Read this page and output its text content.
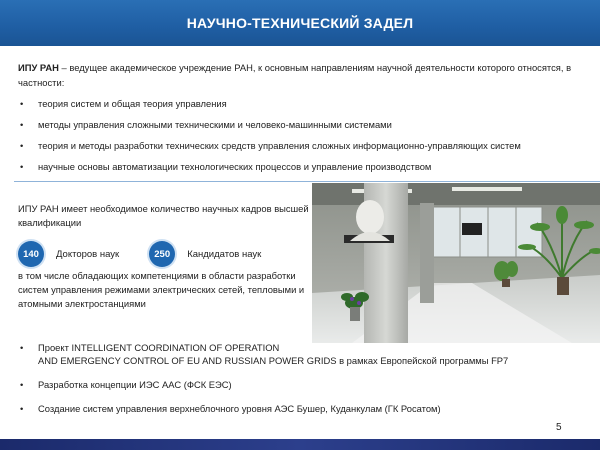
НАУЧНО-ТЕХНИЧЕСКИЙ ЗАДЕЛ

ИПУ РАН – ведущее академическое учреждение РАН, к основным направлениям научной деятельности которого относятся, в частности:

• теория систем и общая теория управления
• методы управления сложными техническими и человеко-машинными системами
• теория и методы разработки технических средств управления сложных информационно-управляющих систем
• научные основы автоматизации технологических процессов и управление производством

ИПУ РАН имеет необходимое количество научных кадров высшей квалификации

140	Докторов наук	250	Кандидатов наук

в том числе обладающих компетенциями в области разработки систем управления режимами электрических сетей, тепловыми и атомными электростанциями

• Проект INTELLIGENT COORDINATION OF OPERATION
AND EMERGENCY CONTROL OF EU AND RUSSIAN POWER GRIDS в рамках Европейской программы FP7
• Разработка концепции ИЭС ААС (ФСК ЕЭС)
• Создание систем управления верхнеблочного уровня АЭС Бушер, Куданкулам (ГК Росатом)
5
